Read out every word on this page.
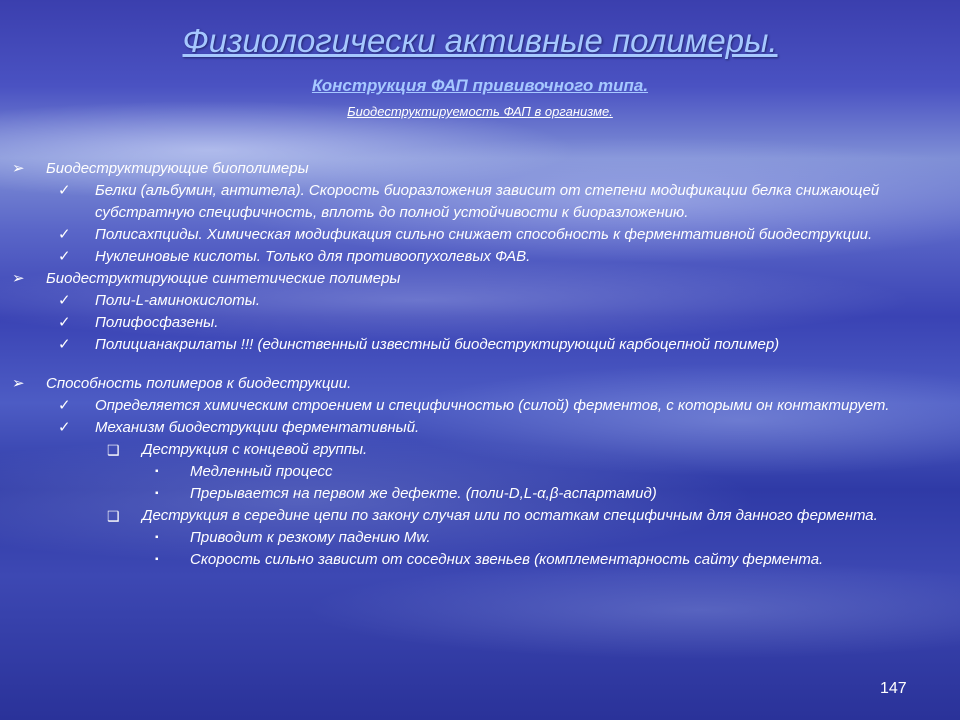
Физиологически активные полимеры.
Конструкция ФАП прививочного типа.
Биодеструктируемость ФАП в организме.
➢ Биодеструктирующие биополимеры
✓ Белки (альбумин, антитела). Скорость биоразложения зависит от степени модификации белка снижающей субстратную специфичность, вплоть до полной устойчивости к биоразложению.
✓ Полисахпциды. Химическая модификация сильно снижает способность к ферментативной биодеструкции.
✓ Нуклеиновые кислоты. Только для противоопухолевых ФАВ.
➢ Биодеструктирующие синтетические полимеры
✓ Поли-L-аминокислоты.
✓ Полифосфазены.
✓ Полицианакрилаты !!! (единственный известный биодеструктирующий карбоцепной полимер)
➢ Способность полимеров к биодеструкции.
✓ Определяется химическим строением и специфичностью (силой) ферментов, с которыми он контактирует.
✓ Механизм биодеструкции ферментативный.
❑ Деструкция с концевой группы.
▪ Медленный процесс
▪ Прерывается на первом же дефекте. (поли-D,L-α,β-аспартамид)
❑ Деструкция в середине цепи по закону случая или по остаткам специфичным для данного фермента.
▪ Приводит к резкому падению Mw.
▪ Скорость сильно зависит от соседних звеньев (комплементарность сайту фермента.
147
